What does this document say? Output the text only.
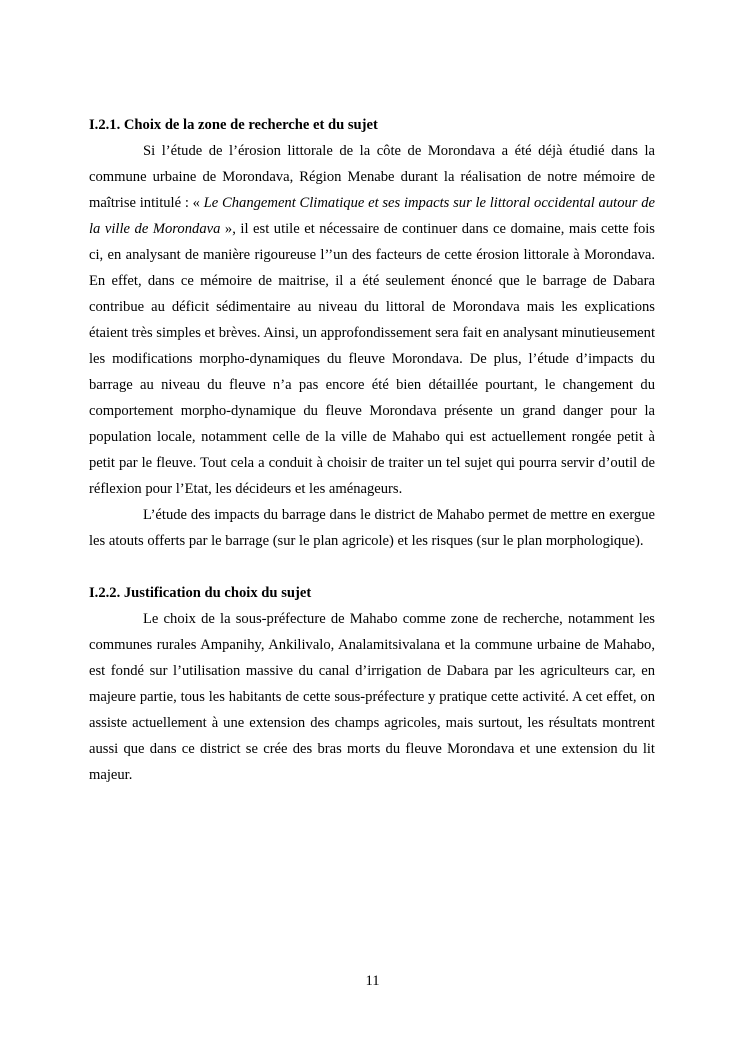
I.2.1. Choix de la zone de recherche et du sujet

Si l’étude de l’érosion littorale de la côte de Morondava a été déjà étudié dans la commune urbaine de Morondava, Région Menabe durant la réalisation de notre mémoire de maîtrise intitulé : « Le Changement Climatique et ses impacts sur le littoral occidental autour de la ville de Morondava », il est utile et nécessaire de continuer dans ce domaine, mais cette fois ci, en analysant de manière rigoureuse l’’un des facteurs de cette érosion littorale à Morondava. En effet, dans ce mémoire de maitrise, il a été seulement énoncé que le barrage de Dabara contribue au déficit sédimentaire au niveau du littoral de Morondava mais les explications étaient très simples et brèves. Ainsi, un approfondissement sera fait en analysant minutieusement les modifications morpho-dynamiques du fleuve Morondava. De plus, l’étude d’impacts du barrage au niveau du fleuve n’a pas encore été bien détaillée pourtant, le changement du comportement morpho-dynamique du fleuve Morondava présente un grand danger pour la population locale, notamment celle de la ville de Mahabo qui est actuellement rongée petit à petit par le fleuve. Tout cela a conduit à choisir de traiter un tel sujet qui pourra servir d’outil de réflexion pour l’Etat, les décideurs et les aménageurs.

L’étude des impacts du barrage dans le district de Mahabo permet de mettre en exergue les atouts offerts par le barrage (sur le plan agricole) et les risques (sur le plan morphologique).

I.2.2. Justification du choix du sujet

Le choix de la sous-préfecture de Mahabo comme zone de recherche, notamment les communes rurales Ampanihy, Ankilivalo, Analamitsivalana et la commune urbaine de Mahabo, est fondé sur l’utilisation massive du canal d’irrigation de Dabara par les agriculteurs car, en majeure partie, tous les habitants de cette sous-préfecture y pratique cette activité. A cet effet, on assiste actuellement à une extension des champs agricoles, mais surtout, les résultats montrent aussi que dans ce district se crée des bras morts du fleuve Morondava et une extension du lit majeur.

11
